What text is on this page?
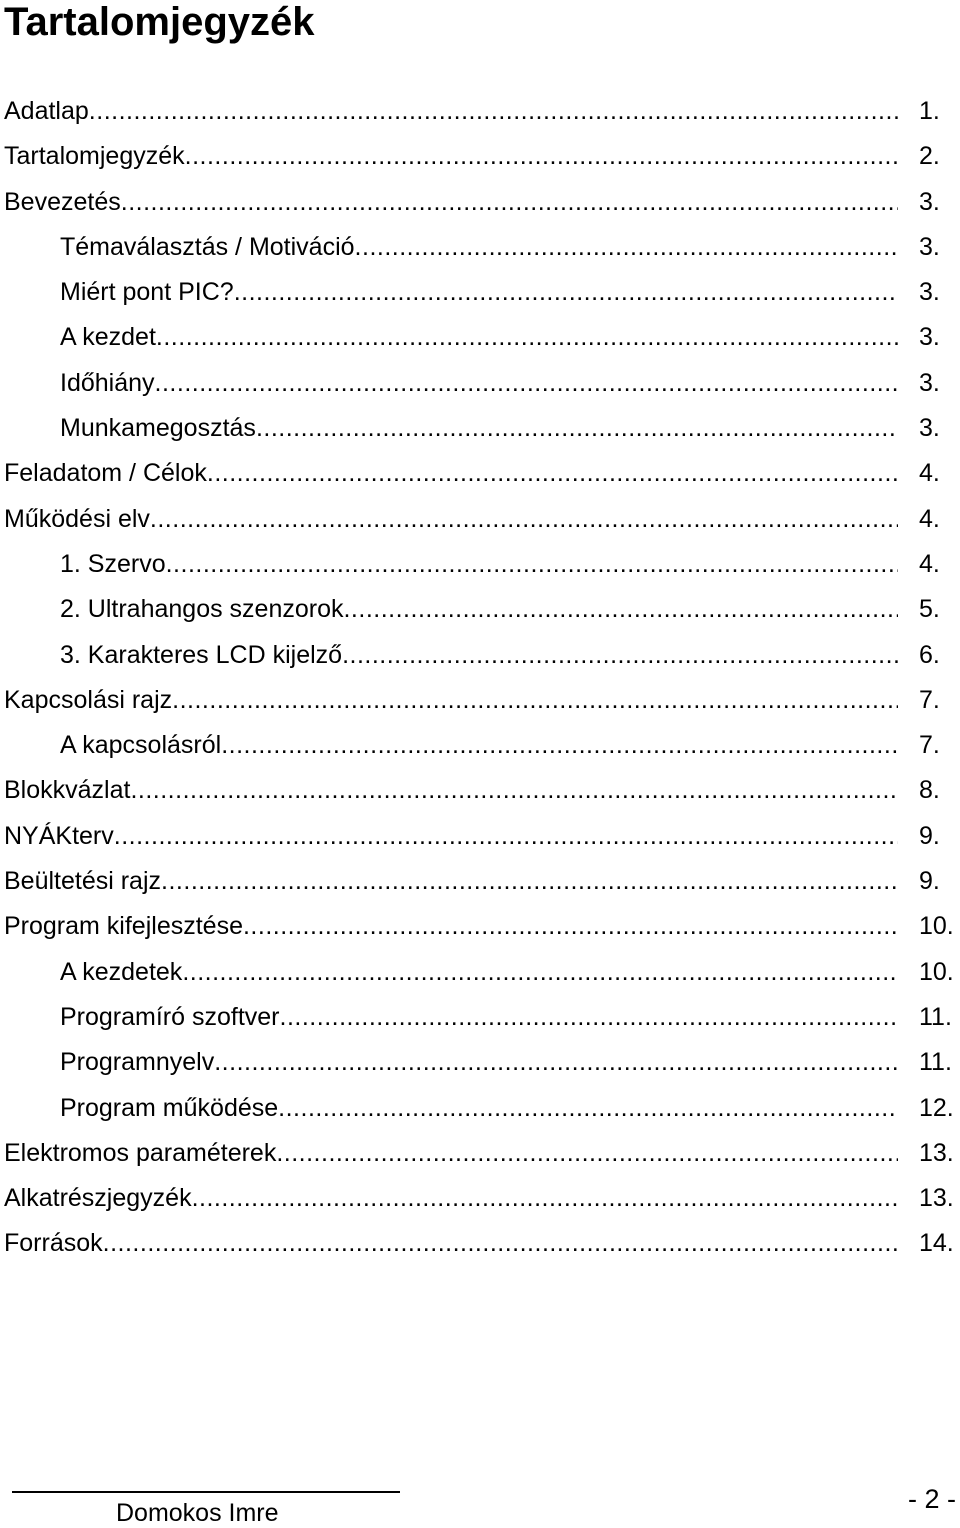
Tartalomjegyzék
Adatlap .....	1.
Tartalomjegyzék .....	2.
Bevezetés .....	3.
Témaválasztás / Motiváció .....	3.
Miért pont PIC? .....	3.
A kezdet .....	3.
Időhiány .....	3.
Munkamegosztás .....	3.
Feladatom / Célok .....	4.
Működési elv .....	4.
1. Szervo .....	4.
2. Ultrahangos szenzorok .....	5.
3. Karakteres LCD kijelző .....	6.
Kapcsolási rajz .....	7.
A kapcsolásról .....	7.
Blokkvázlat .....	8.
NYÁKterv .....	9.
Beültetési rajz .....	9.
Program kifejlesztése .....	10.
A kezdetek .....	10.
Programíró szoftver .....	11.
Programnyelv .....	11.
Program működése .....	12.
Elektromos paraméterek .....	13.
Alkatrészjegyzék .....	13.
Források .....	14.
Domokos Imre	- 2 -
